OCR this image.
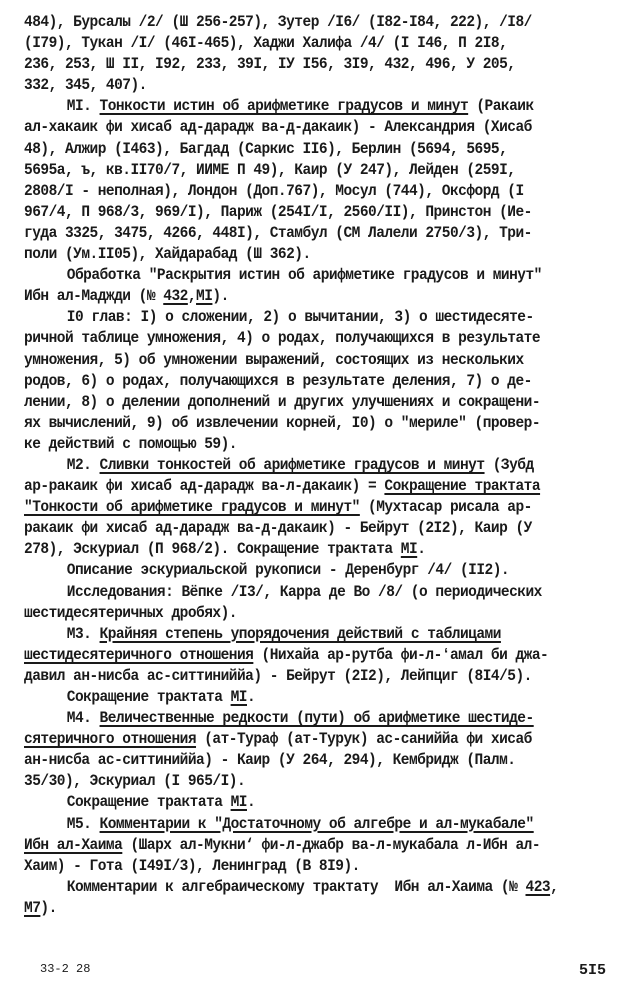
484), Бурсалы /2/ (Ш 256-257), Зутер /I6/ (I82-I84, 222), /I8/
(I79), Тукан /I/ (46I-465), Хаджи Халифа /4/ (I I46, П 2I8,
236, 253, Ш II, I92, 233, 39I, IУ I56, 3I9, 432, 496, У 205,
332, 345, 407).
MI. Тонкости истин об арифметике градусов и минут (Ракаик
ал-хакаик фи хисаб ад-дарадж ва-д-дакаик) - Александрия (Хисаб
48), Алжир (I463), Багдад (Саркис II6), Берлин (5694, 5695,
5695a, ъ, кв.II70/7, ИИМЕ П 49), Каир (У 247), Лейден (259I,
2808/I - неполная), Лондон (Доп.767), Мосул (744), Оксфорд (I
967/4, П 968/3, 969/I), Париж (254I/I, 2560/II), Принстон (Ие-
гуда 3325, 3475, 4266, 448I), Стамбул (СМ Лалели 2750/3), Три-
поли (Ум.II05), Хайдарабад (Ш 362).
Обработка "Раскрытия истин об арифметике градусов и минут"
Ибн ал-Маджди (№ 432,MI).
I0 глав: I) о сложении, 2) о вычитании, 3) о шестидесяте-
ричной таблице умножения, 4) о родах, получающихся в результате
умножения, 5) об умножении выражений, состоящих из нескольких
родов, 6) о родах, получающихся в результате деления, 7) о де-
лении, 8) о делении дополнений и других улучшениях и сокращени-
ях вычислений, 9) об извлечении корней, I0) о "мериле" (провер-
ке действий с помощью 59).
M2. Сливки тонкостей об арифметике градусов и минут (Зубд
ар-ракаик фи хисаб ад-дарадж ва-л-дакаик) = Сокращение трактата
"Тонкости об арифметике градусов и минут" (Мухтасар рисала ар-
ракаик фи хисаб ад-дарадж ва-д-дакаик) - Бейрут (2I2), Каир (У
278), Эскуриал (П 968/2). Сокращение трактата MI.
Описание эскуриальской рукописи - Деренбург /4/ (II2).
Исследования: Вёпке /I3/, Карра де Во /8/ (о периодических
шестидесятеричных дробях).
M3. Крайняя степень упорядочения действий с таблицами
шестидесятеричного отношения (Нихайа ар-рутба фи-л-ʻамал би джа-
давил ан-нисба ас-ситтиниййа) - Бейрут (2I2), Лейпциг (8I4/5).
Сокращение трактата MI.
M4. Величественные редкости (пути) об арифметике шестиде-
сятеричного отношения (ат-Тураф (ат-Турук) ас-саниййа фи хисаб
ан-нисба ас-ситтиниййа) - Каир (У 264, 294), Кембридж (Палм.
35/30), Эскуриал (I 965/I).
Сокращение трактата MI.
M5. Комментарии к "Достаточному об алгебре и ал-мукабале"
Ибн ал-Хаима (Шарх ал-Мукни‘ фи-л-джабр ва-л-мукабала л-Ибн ал-
Хаим) - Гота (I49I/3), Ленинград (В 8I9).
Комментарии к алгебраическому трактату  Ибн ал-Хаима (№ 423,
M7).
33-2 28	5I5
